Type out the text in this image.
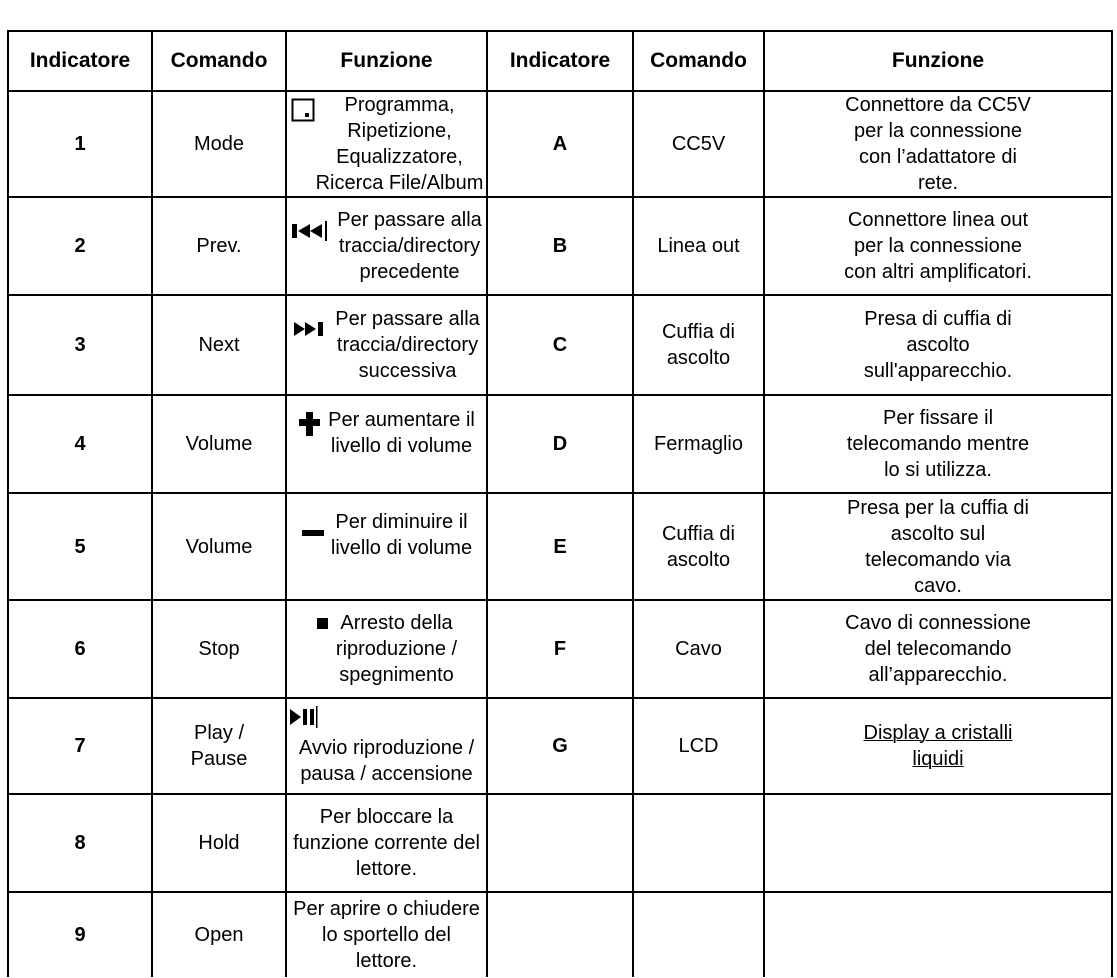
Indicatore	Comando	Funzione	Indicatore	Comando	Funzione
1	Mode	Programma,
Ripetizione,
Equalizzatore,
Ricerca File/Album	A	CC5V	Connettore da CC5V
per la connessione
con l’adattatore di
rete.
2	Prev.	Per passare alla
traccia/directory
precedente	B	Linea out	Connettore linea out
per la connessione
con altri amplificatori.
3	Next	Per passare alla
traccia/directory
successiva	C	Cuffia di
ascolto	Presa di cuffia di
ascolto
sull'apparecchio.
4	Volume	Per aumentare il
livello di volume	D	Fermaglio	Per fissare il
telecomando mentre
lo si utilizza.
5	Volume	Per diminuire il
livello di volume	E	Cuffia di
ascolto	Presa per la cuffia di
ascolto sul
telecomando via
cavo.
6	Stop	Arresto della
riproduzione /
spegnimento	F	Cavo	Cavo di connessione
del telecomando
all’apparecchio.
7	Play /
Pause	Avvio riproduzione /
pausa / accensione	G	LCD	Display a cristalli
liquidi
8	Hold	Per bloccare la
funzione corrente del
lettore.			
9	Open	Per aprire o chiudere
lo sportello del
lettore.			
